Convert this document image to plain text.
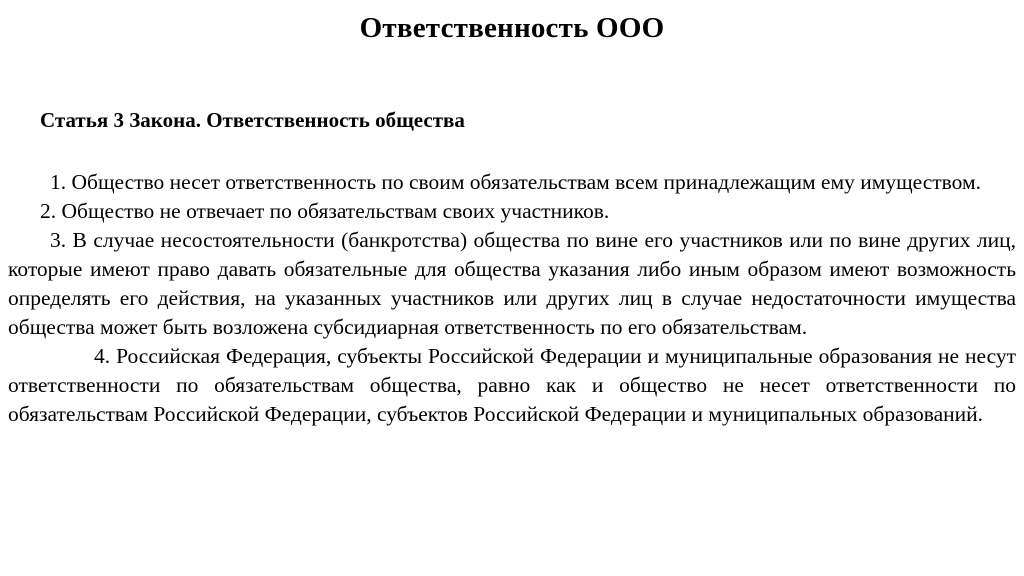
Ответственность ООО
Статья 3 Закона. Ответственность общества

1. Общество несет ответственность по своим обязательствам всем принадлежащим ему имуществом.

2. Общество не отвечает по обязательствам своих участников.

3. В случае несостоятельности (банкротства) общества по вине его участников или по вине других лиц, которые имеют право давать обязательные для общества указания либо иным образом имеют возможность определять его действия, на указанных участников или других лиц в случае недостаточности имущества общества может быть возложена субсидиарная ответственность по его обязательствам.

4. Российская Федерация, субъекты Российской Федерации и муниципальные образования не несут ответственности по обязательствам общества, равно как и общество не несет ответственности по обязательствам Российской Федерации, субъектов Российской Федерации и муниципальных образований.
